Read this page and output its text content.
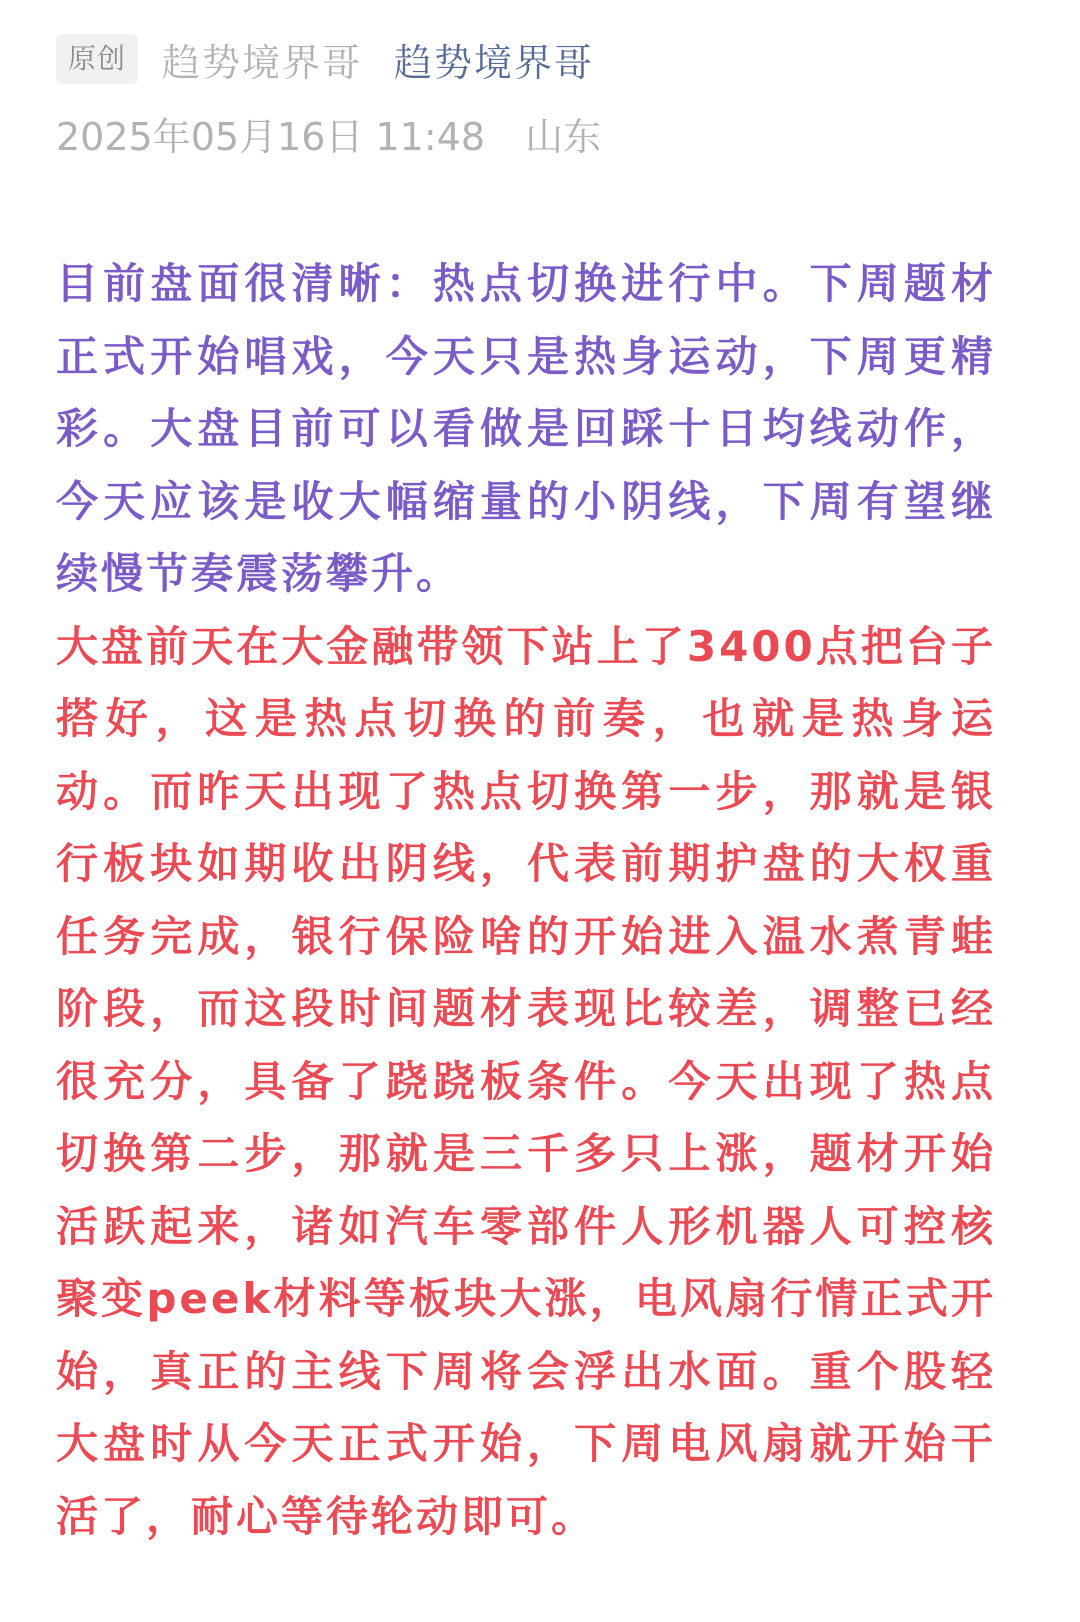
原创 趋势境界哥 趋势境界哥
2025年05月16日 11:48 山东

目前盘面很清晰：热点切换进行中。下周题材正式开始唱戏，今天只是热身运动，下周更精彩。大盘目前可以看做是回踩十日均线动作，今天应该是收大幅缩量的小阴线，下周有望继续慢节奏震荡攀升。

大盘前天在大金融带领下站上了3400点把台子搭好，这是热点切换的前奏，也就是热身运动。而昨天出现了热点切换第一步，那就是银行板块如期收出阴线，代表前期护盘的大权重任务完成，银行保险啥的开始进入温水煮青蛙阶段，而这段时间题材表现比较差，调整已经很充分，具备了跷跷板条件。今天出现了热点切换第二步，那就是三千多只上涨，题材开始活跃起来，诸如汽车零部件人形机器人可控核聚变peek材料等板块大涨，电风扇行情正式开始，真正的主线下周将会浮出水面。重个股轻大盘时从今天正式开始，下周电风扇就开始干活了，耐心等待轮动即可。
